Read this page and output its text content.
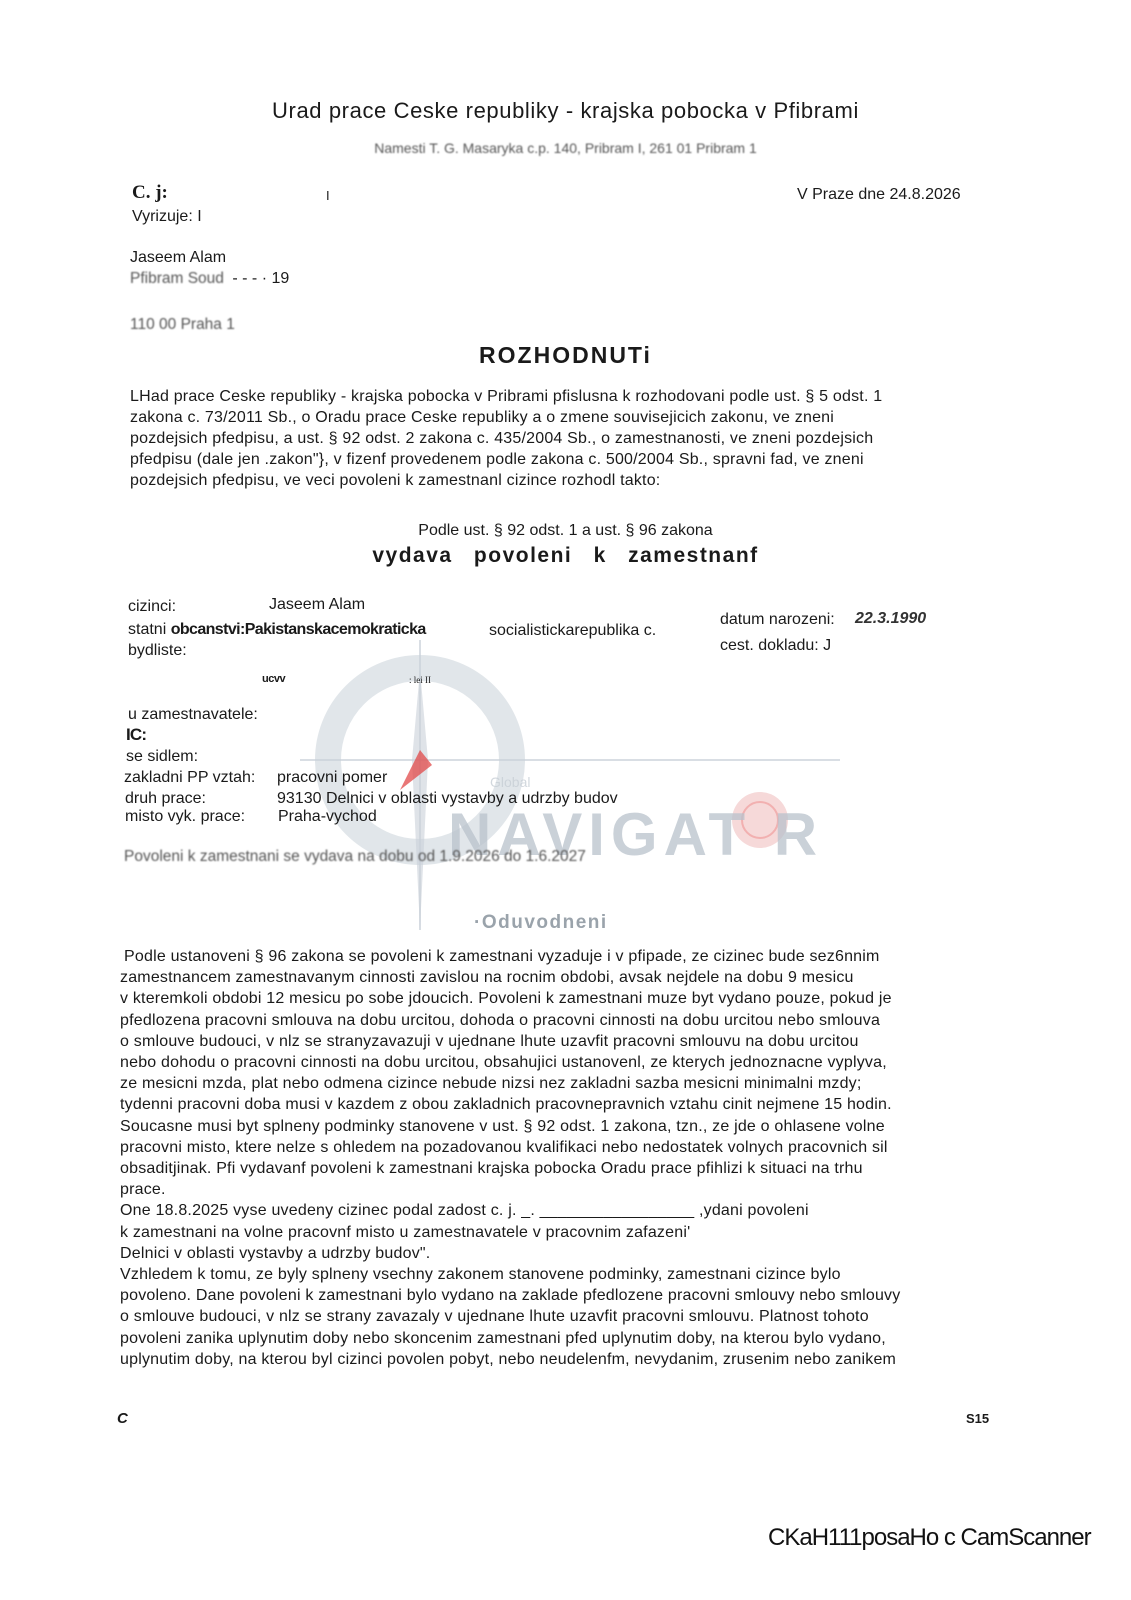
Urad prace Ceske republiky - krajska pobocka v Pfibrami
Namesti T. G. Masaryka c.p. 140, Pribram I, 261 01 Pribram 1
C. j:	I
Vyrizuje: I
V Praze dne 24.8.2026
Jaseem Alam
Pfibram Soud - - - · 19
110 00 Praha 1
ROZHODNUTi

LHad prace Ceske republiky - krajska pobocka v Pribrami pfislusna k rozhodovani podle ust. § 5 odst. 1

zakona c. 73/2011 Sb., o Oradu prace Ceske republiky a o zmene souvisejicich zakonu, ve zneni

pozdejsich pfedpisu, a ust. § 92 odst. 2 zakona c. 435/2004 Sb., o zamestnanosti, ve zneni pozdejsich

pfedpisu (dale jen .zakon"}, v fizenf provedenem podle zakona c. 500/2004 Sb., spravni fad, ve zneni

pozdejsich pfedpisu, ve veci povoleni k zamestnanl cizince rozhodl takto:

Podle ust. § 92 odst. 1 a ust. § 96 zakona
vydava povoleni k zamestnanf
Global
NAVIGAT R
cizinci:	Jaseem Alam
statni obcanstvi:Pakistanskacemokraticka	socialistickarepublika c.
bydliste:
ucvv	: lei II
datum narozeni: 22.3.1990
cest. dokladu: J
u zamestnavatele:
IC:
se sidlem:
zakladni PP vztah: pracovni pomer
druh prace:	93130 Delnici v oblasti vystavby a udrzby budov
misto vyk. prace: Praha-vychod
Povoleni k zamestnani se vydava na dobu od 1.9.2026 do 1.6.2027
·Oduvodneni

Podle ustanoveni § 96 zakona se povoleni k zamestnani vyzaduje i v pfipade, ze cizinec bude sez6nnim

zamestnancem zamestnavanym cinnosti zavislou na rocnim obdobi, avsak nejdele na dobu 9 mesicu

v kteremkoli obdobi 12 mesicu po sobe jdoucich. Povoleni k zamestnani muze byt vydano pouze, pokud je

pfedlozena pracovni smlouva na dobu urcitou, dohoda o pracovni cinnosti na dobu urcitou nebo smlouva

o smlouve budouci, v nlz se stranyzavazuji v ujednane lhute uzavfit pracovni smlouvu na dobu urcitou

nebo dohodu o pracovni cinnosti na dobu urcitou, obsahujici ustanovenl, ze kterych jednoznacne vyplyva,

ze mesicni mzda, plat nebo odmena cizince nebude nizsi nez zakladni sazba mesicni minimalni mzdy;

tydenni pracovni doba musi v kazdem z obou zakladnich pracovnepravnich vztahu cinit nejmene 15 hodin.

Soucasne musi byt splneny podminky stanovene v ust. § 92 odst. 1 zakona, tzn., ze jde o ohlasene volne

pracovni misto, ktere nelze s ohledem na pozadovanou kvalifikaci nebo nedostatek volnych pracovnich sil

obsaditjinak. Pfi vydavanf povoleni k zamestnani krajska pobocka Oradu prace pfihlizi k situaci na trhu

prace.

One 18.8.2025 vyse uvedeny cizinec podal zadost c. j. _. _________________ ,ydani povoleni

k zamestnani na volne pracovnf misto u zamestnavatele v pracovnim zafazeni'

Delnici v oblasti vystavby a udrzby budov".

Vzhledem k tomu, ze byly splneny vsechny zakonem stanovene podminky, zamestnani cizince bylo

povoleno. Dane povoleni k zamestnani bylo vydano na zaklade pfedlozene pracovni smlouvy nebo smlouvy

o smlouve budouci, v nlz se strany zavazaly v ujednane lhute uzavfit pracovni smlouvu. Platnost tohoto

povoleni zanika uplynutim doby nebo skoncenim zamestnani pfed uplynutim doby, na kterou bylo vydano,

uplynutim doby, na kterou byl cizinci povolen pobyt, nebo neudelenfm, nevydanim, zrusenim nebo zanikem

C	S15
CKaH111posaHo c CamScanner
